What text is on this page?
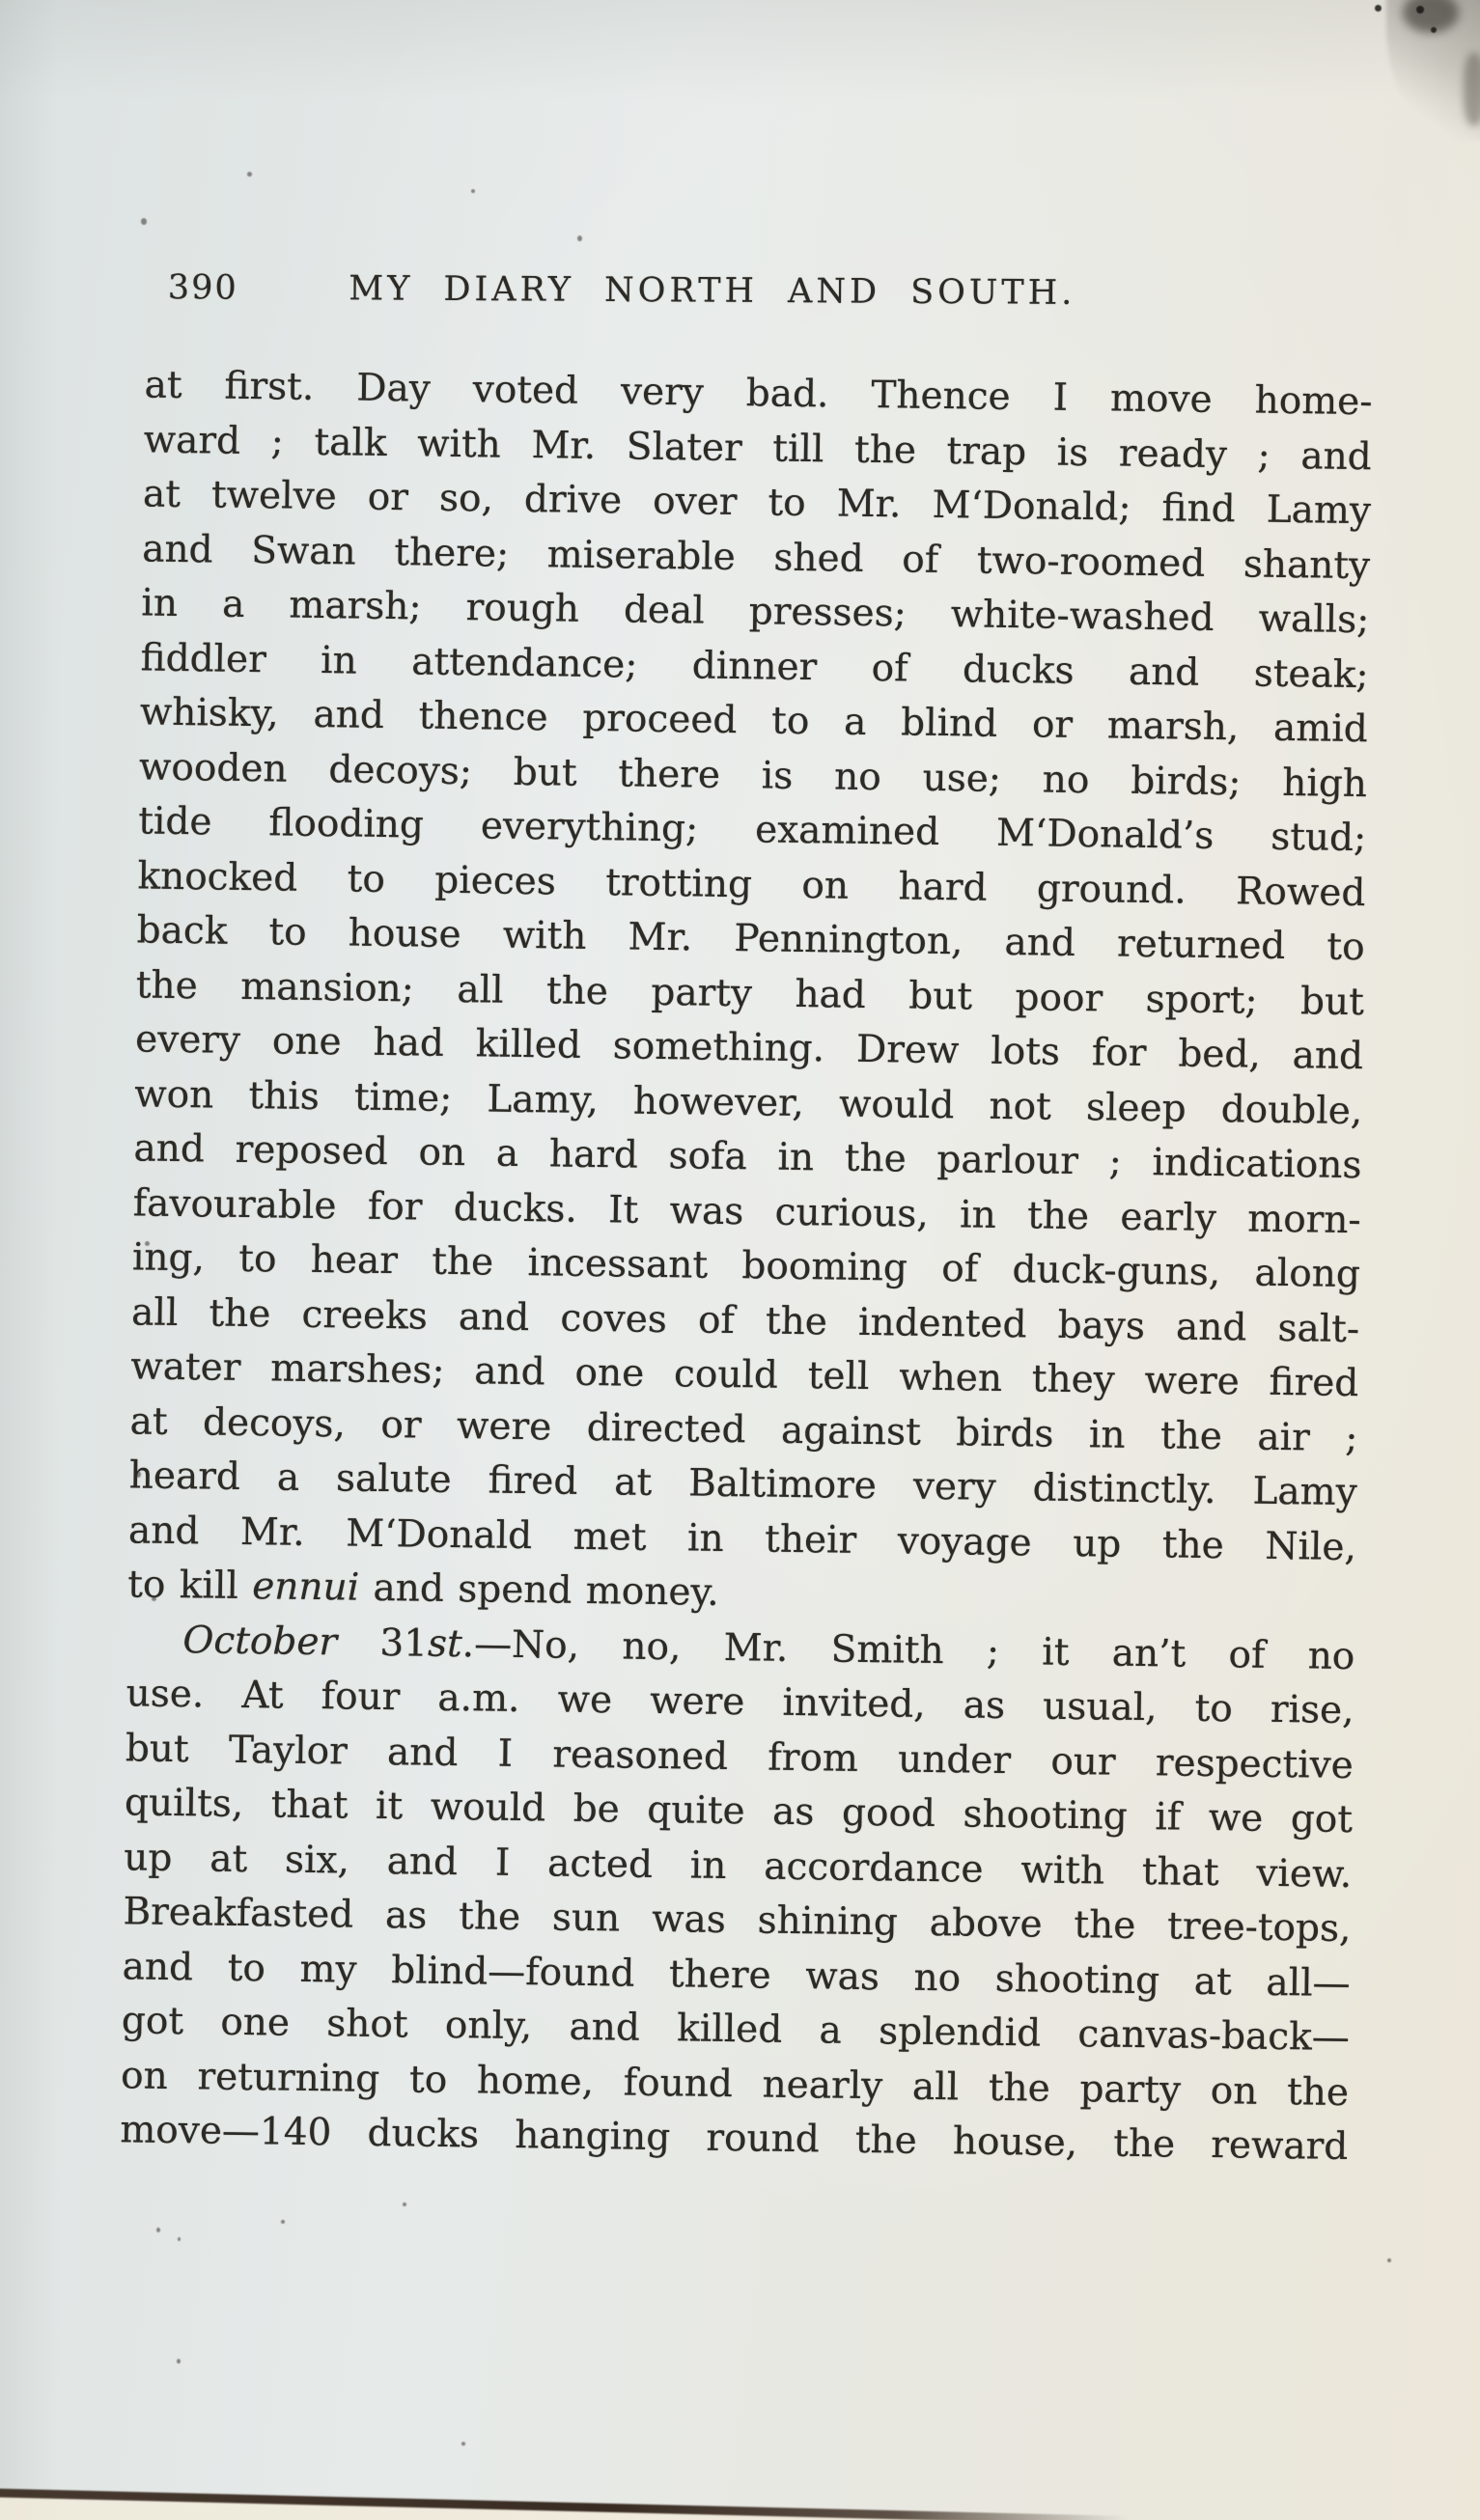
390	MY DIARY NORTH AND SOUTH.
at first. Day voted very bad. Thence I move home-
ward ; talk with Mr. Slater till the trap is ready ; and
at twelve or so, drive over to Mr. M‘Donald; find Lamy
and Swan there; miserable shed of two-roomed shanty
in a marsh; rough deal presses; white-washed walls;
fiddler in attendance; dinner of ducks and steak;
whisky, and thence proceed to a blind or marsh, amid
wooden decoys; but there is no use; no birds; high
tide flooding everything; examined M‘Donald’s stud;
knocked to pieces trotting on hard ground. Rowed
back to house with Mr. Pennington, and returned to
the mansion; all the party had but poor sport; but
every one had killed something. Drew lots for bed, and
won this time; Lamy, however, would not sleep double,
and reposed on a hard sofa in the parlour ; indications
favourable for ducks. It was curious, in the early morn-
ing, to hear the incessant booming of duck-guns, along
all the creeks and coves of the indented bays and salt-
water marshes; and one could tell when they were fired
at decoys, or were directed against birds in the air ;
heard a salute fired at Baltimore very distinctly. Lamy
and Mr. M‘Donald met in their voyage up the Nile,
to kill ennui and spend money.
October 31st.—No, no, Mr. Smith ; it an’t of no
use. At four a.m. we were invited, as usual, to rise,
but Taylor and I reasoned from under our respective
quilts, that it would be quite as good shooting if we got
up at six, and I acted in accordance with that view.
Breakfasted as the sun was shining above the tree-tops,
and to my blind—found there was no shooting at all—
got one shot only, and killed a splendid canvas-back—
on returning to home, found nearly all the party on the
move—140 ducks hanging round the house, the reward
